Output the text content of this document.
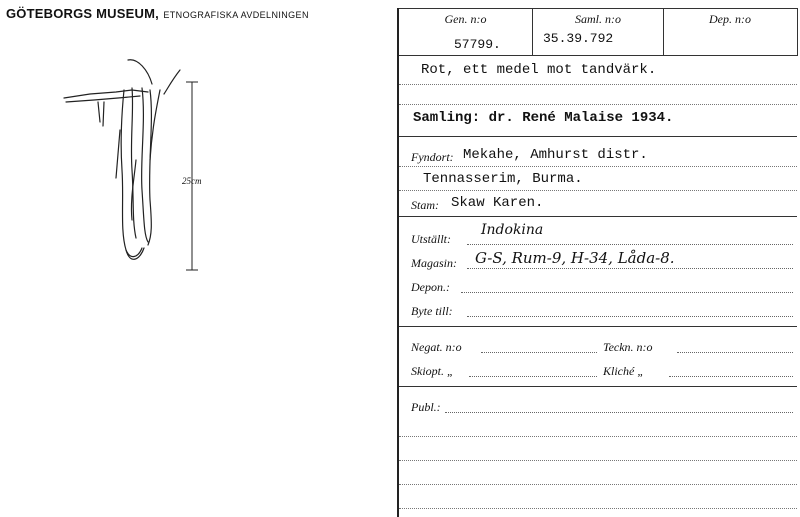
GÖTEBORGS MUSEUM, ETNOGRAFISKA AVDELNINGEN
25cm
Gen. n:o
57799.
Saml. n:o
35.39.792
Dep. n:o
Rot, ett medel mot tandvärk.
Samling: dr. René Malaise 1934.
Fyndort: Mekahe, Amhurst distr.
Tennasserim, Burma.
Stam: Skaw Karen.
Utställt:
Indokina
Magasin: G-S, Rum-9, H-34, Låda-8.
Depon.:
Byte till:
Negat. n:o	Teckn. n:o
Skiopt. „	Kliché „
Publ.:
